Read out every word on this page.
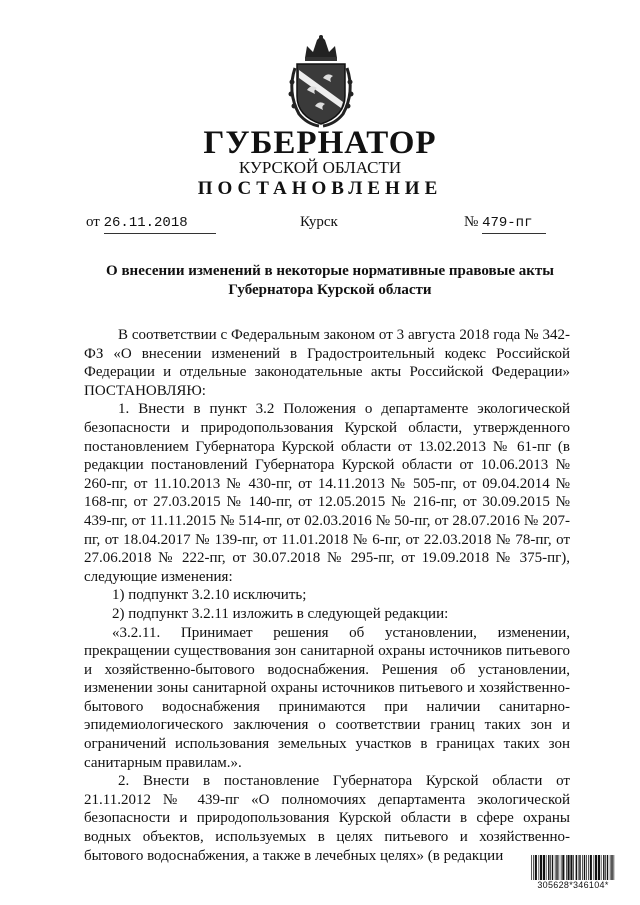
ГУБЕРНАТОР
КУРСКОЙ ОБЛАСТИ
ПОСТАНОВЛЕНИЕ
от 26.11.2018	Курск	№ 479-пг
О внесении изменений в некоторые нормативные правовые акты
Губернатора Курской области

В соответствии с Федеральным законом от 3 августа 2018 года № 342-ФЗ «О внесении изменений в Градостроительный кодекс Российской Федерации и отдельные законодательные акты Российской Федерации» ПОСТАНОВЛЯЮ:

1. Внести в пункт 3.2 Положения о департаменте экологической безопасности и природопользования Курской области, утвержденного постановлением Губернатора Курской области от 13.02.2013 № 61-пг (в редакции постановлений Губернатора Курской области от 10.06.2013 № 260-пг, от 11.10.2013 № 430-пг, от 14.11.2013 № 505-пг, от 09.04.2014 № 168-пг, от 27.03.2015 № 140-пг, от 12.05.2015 № 216-пг, от 30.09.2015 № 439-пг, от 11.11.2015 № 514-пг, от 02.03.2016 № 50-пг, от 28.07.2016 № 207-пг, от 18.04.2017 № 139-пг, от 11.01.2018 № 6-пг, от 22.03.2018 № 78-пг, от 27.06.2018 № 222-пг, от 30.07.2018 № 295-пг, от 19.09.2018 № 375-пг), следующие изменения:

1) подпункт 3.2.10 исключить;

2) подпункт 3.2.11 изложить в следующей редакции:

«3.2.11. Принимает решения об установлении, изменении, прекращении существования зон санитарной охраны источников питьевого и хозяйственно-бытового водоснабжения. Решения об установлении, изменении зоны санитарной охраны источников питьевого и хозяйственно-бытового водоснабжения принимаются при наличии санитарно-эпидемиологического заключения о соответствии границ таких зон и ограничений использования земельных участков в границах таких зон санитарным правилам.».

2. Внести в постановление Губернатора Курской области от 21.11.2012 № 439-пг «О полномочиях департамента экологической безопасности и природопользования Курской области в сфере охраны водных объектов, используемых в целях питьевого и хозяйственно-бытового водоснабжения, а также в лечебных целях» (в редакции

305628*346104*
